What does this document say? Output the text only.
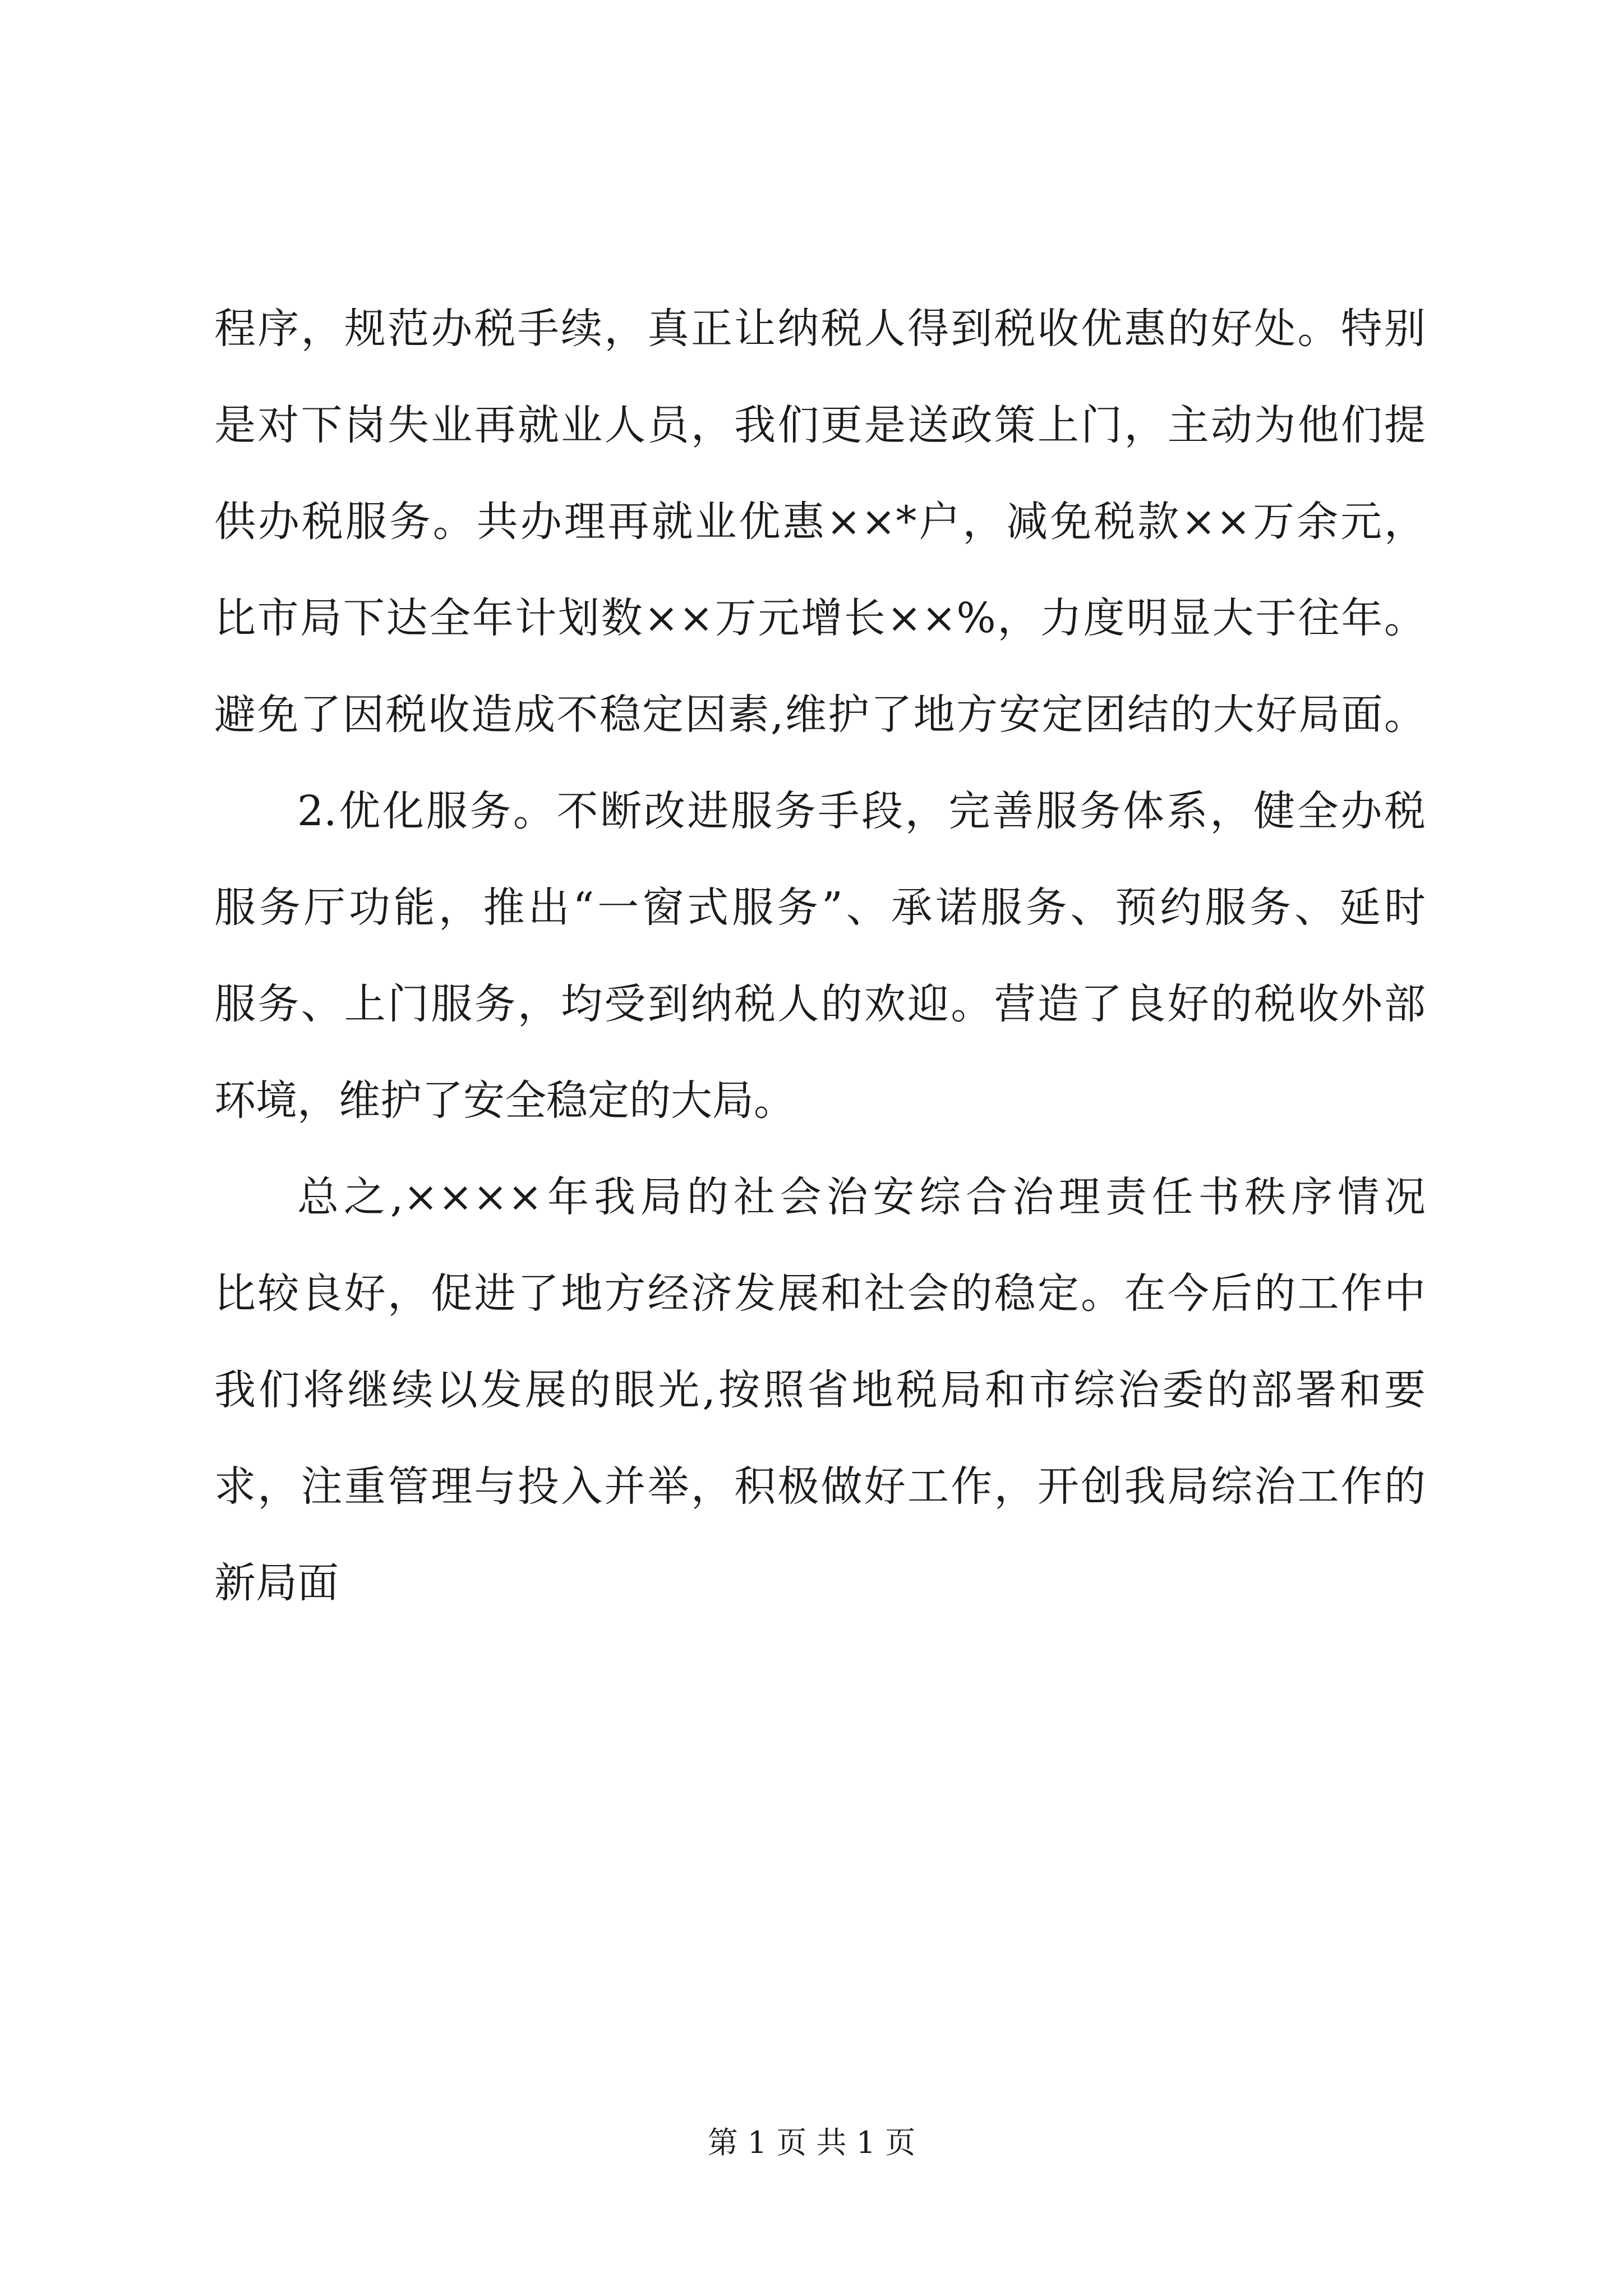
程序，规范办税手续，真正让纳税人得到税收优惠的好处。特别
是对下岗失业再就业人员，我们更是送政策上门，主动为他们提
供办税服务。共办理再就业优惠××*户，减免税款××万余元，
比市局下达全年计划数××万元增长××%，力度明显大于往年。
避免了因税收造成不稳定因素,维护了地方安定团结的大好局面。
2.优化服务。不断改进服务手段，完善服务体系，健全办税
服务厅功能，推出“一窗式服务”、承诺服务、预约服务、延时
服务、上门服务，均受到纳税人的欢迎。营造了良好的税收外部
环境，维护了安全稳定的大局。
总之,××××年我局的社会治安综合治理责任书秩序情况
比较良好，促进了地方经济发展和社会的稳定。在今后的工作中
我们将继续以发展的眼光,按照省地税局和市综治委的部署和要
求，注重管理与投入并举，积极做好工作，开创我局综治工作的
新局面
第 1 页 共 1 页
